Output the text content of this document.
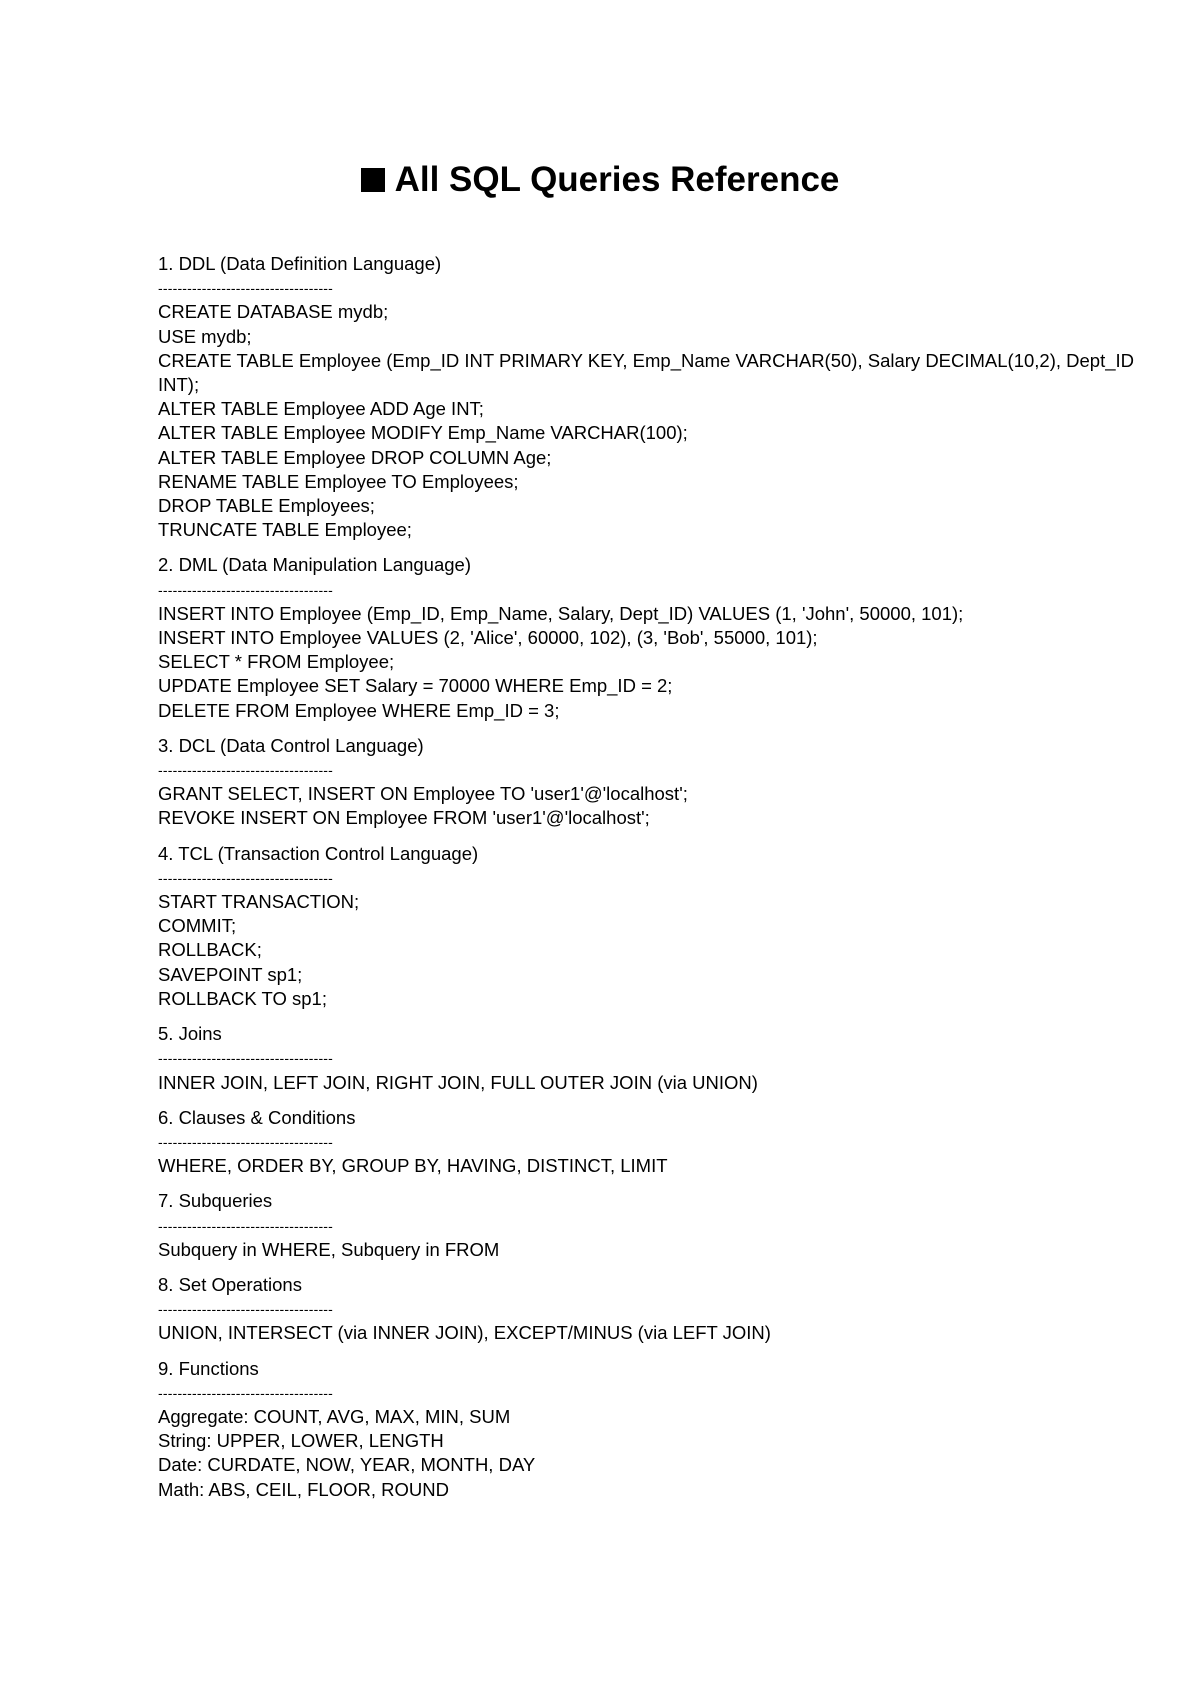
All SQL Queries Reference
1. DDL (Data Definition Language)
------------------------------------
CREATE DATABASE mydb;
USE mydb;
CREATE TABLE Employee (Emp_ID INT PRIMARY KEY, Emp_Name VARCHAR(50), Salary DECIMAL(10,2), Dept_ID INT);
ALTER TABLE Employee ADD Age INT;
ALTER TABLE Employee MODIFY Emp_Name VARCHAR(100);
ALTER TABLE Employee DROP COLUMN Age;
RENAME TABLE Employee TO Employees;
DROP TABLE Employees;
TRUNCATE TABLE Employee;
2. DML (Data Manipulation Language)
------------------------------------
INSERT INTO Employee (Emp_ID, Emp_Name, Salary, Dept_ID) VALUES (1, 'John', 50000, 101);
INSERT INTO Employee VALUES (2, 'Alice', 60000, 102), (3, 'Bob', 55000, 101);
SELECT * FROM Employee;
UPDATE Employee SET Salary = 70000 WHERE Emp_ID = 2;
DELETE FROM Employee WHERE Emp_ID = 3;
3. DCL (Data Control Language)
------------------------------------
GRANT SELECT, INSERT ON Employee TO 'user1'@'localhost';
REVOKE INSERT ON Employee FROM 'user1'@'localhost';
4. TCL (Transaction Control Language)
------------------------------------
START TRANSACTION;
COMMIT;
ROLLBACK;
SAVEPOINT sp1;
ROLLBACK TO sp1;
5. Joins
------------------------------------
INNER JOIN, LEFT JOIN, RIGHT JOIN, FULL OUTER JOIN (via UNION)
6. Clauses & Conditions
------------------------------------
WHERE, ORDER BY, GROUP BY, HAVING, DISTINCT, LIMIT
7. Subqueries
------------------------------------
Subquery in WHERE, Subquery in FROM
8. Set Operations
------------------------------------
UNION, INTERSECT (via INNER JOIN), EXCEPT/MINUS (via LEFT JOIN)
9. Functions
------------------------------------
Aggregate: COUNT, AVG, MAX, MIN, SUM
String: UPPER, LOWER, LENGTH
Date: CURDATE, NOW, YEAR, MONTH, DAY
Math: ABS, CEIL, FLOOR, ROUND
